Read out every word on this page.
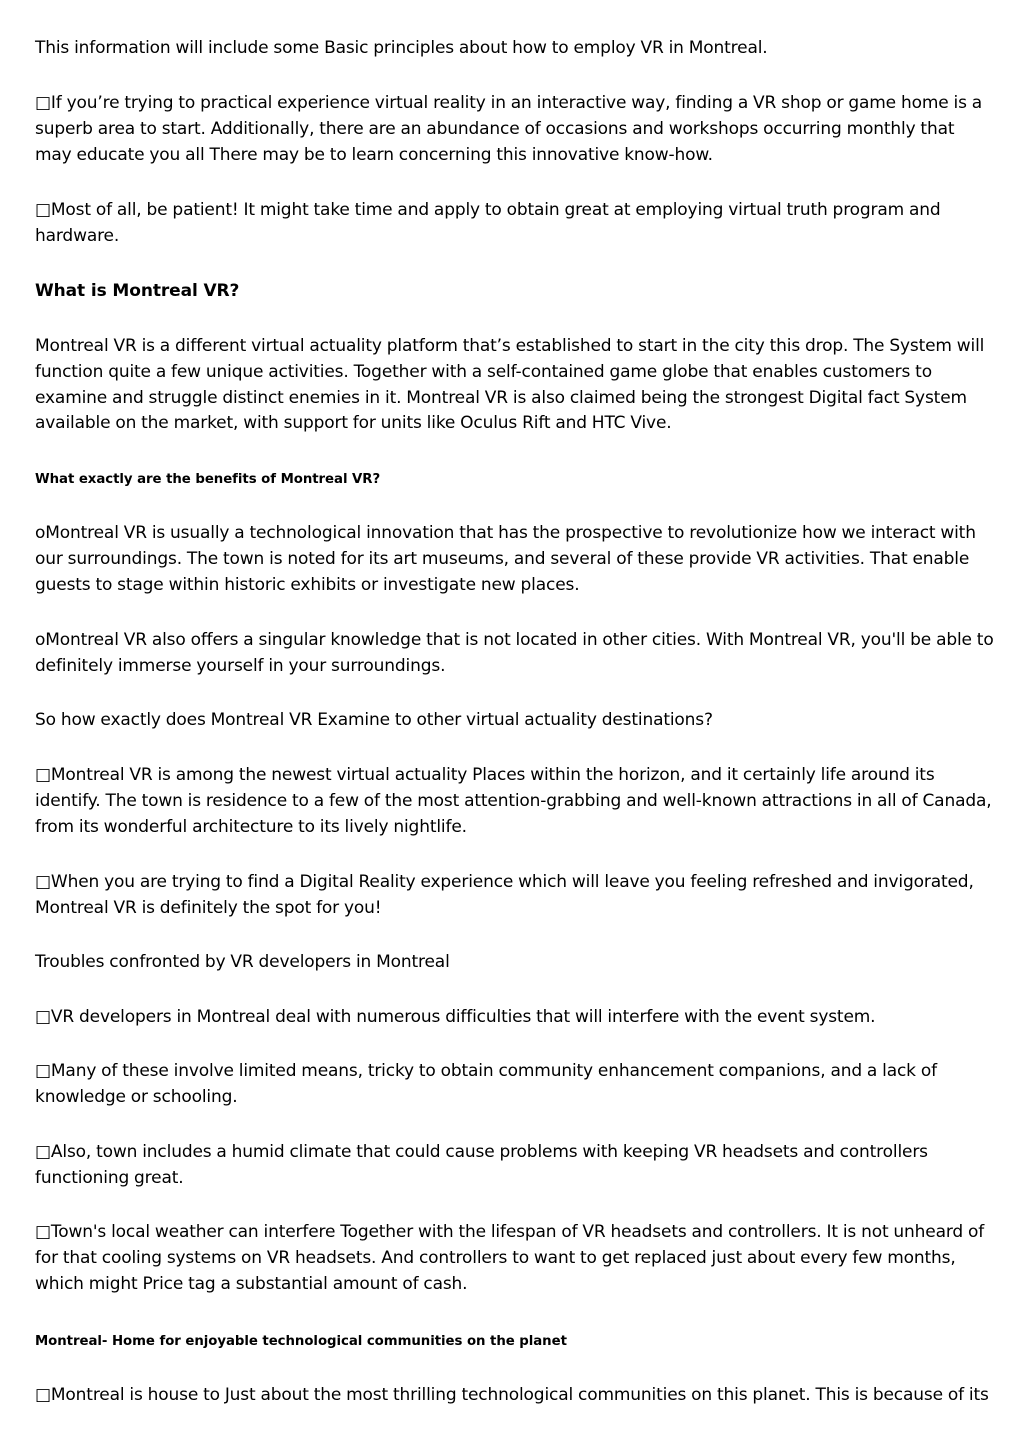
This information will include some Basic principles about how to employ VR in Montreal.

□If you’re trying to practical experience virtual reality in an interactive way, finding a VR shop or game home is a superb area to start. Additionally, there are an abundance of occasions and workshops occurring monthly that may educate you all There may be to learn concerning this innovative know-how.

□Most of all, be patient! It might take time and apply to obtain great at employing virtual truth program and hardware.

What is Montreal VR?

Montreal VR is a different virtual actuality platform that’s established to start in the city this drop. The System will function quite a few unique activities. Together with a self-contained game globe that enables customers to examine and struggle distinct enemies in it. Montreal VR is also claimed being the strongest Digital fact System available on the market, with support for units like Oculus Rift and HTC Vive.

What exactly are the benefits of Montreal VR?

oMontreal VR is usually a technological innovation that has the prospective to revolutionize how we interact with our surroundings. The town is noted for its art museums, and several of these provide VR activities. That enable guests to stage within historic exhibits or investigate new places.

oMontreal VR also offers a singular knowledge that is not located in other cities. With Montreal VR, you'll be able to definitely immerse yourself in your surroundings.

So how exactly does Montreal VR Examine to other virtual actuality destinations?

□Montreal VR is among the newest virtual actuality Places within the horizon, and it certainly life around its identify. The town is residence to a few of the most attention-grabbing and well-known attractions in all of Canada, from its wonderful architecture to its lively nightlife.

□When you are trying to find a Digital Reality experience which will leave you feeling refreshed and invigorated, Montreal VR is definitely the spot for you!

Troubles confronted by VR developers in Montreal

□VR developers in Montreal deal with numerous difficulties that will interfere with the event system.

□Many of these involve limited means, tricky to obtain community enhancement companions, and a lack of knowledge or schooling.

□Also, town includes a humid climate that could cause problems with keeping VR headsets and controllers functioning great.

□Town's local weather can interfere Together with the lifespan of VR headsets and controllers. It is not unheard of for that cooling systems on VR headsets. And controllers to want to get replaced just about every few months, which might Price tag a substantial amount of cash.

Montreal- Home for enjoyable technological communities on the planet

□Montreal is house to Just about the most thrilling technological communities on this planet. This is because of its
